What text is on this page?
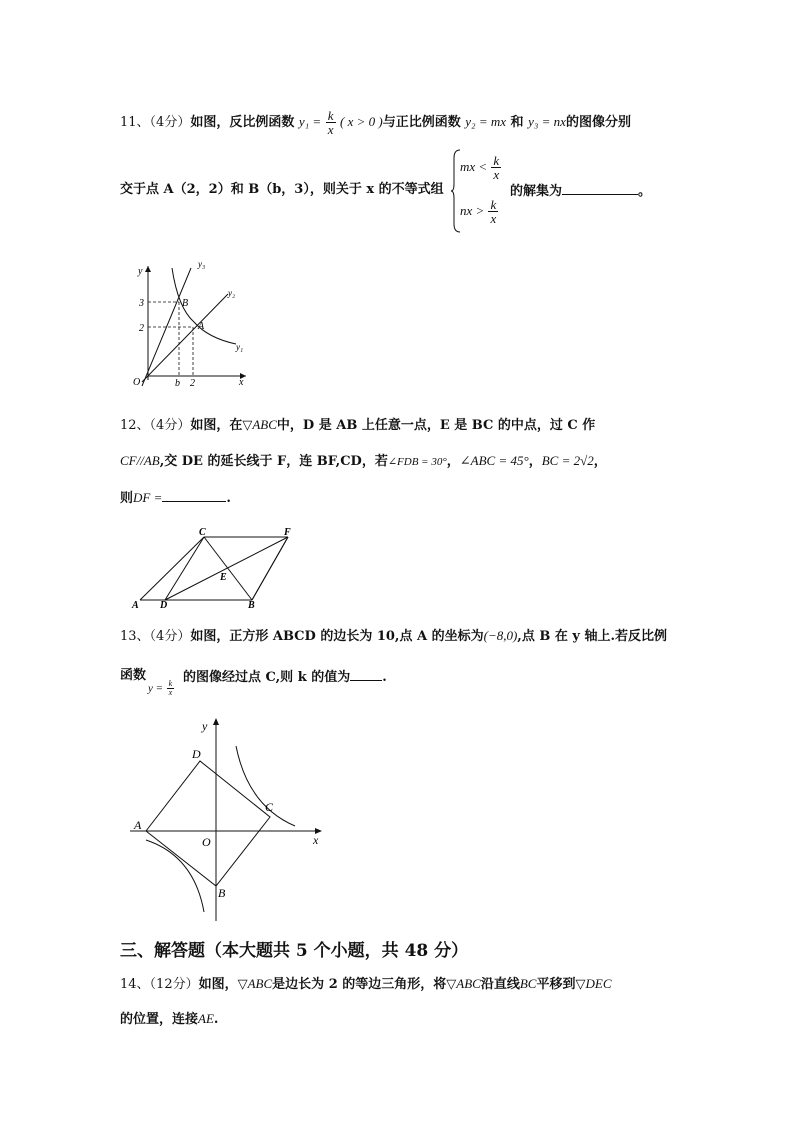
11、（4分）如图，反比例函数 $y_1 = \frac{k}{x}$ ( x > 0 )与正比例函数 y₂ = mx 和 y₃ = nx的图像分别
交于点 A（2，2）和 B（b，3），则关于 x 的不等式组
mx < $\frac{k}{x}$
nx > $\frac{k}{x}$
的解集为	。
y
x
O
3
2
b 2
y₃
y₂
y₁
B
A
12、（4分）如图，在▽ABC中，D 是 AB 上任意一点，E 是 BC 的中点，过 C 作
CF//AB,交 DE 的延长线于 F，连 BF,CD，若∠FDB = 30°，∠ABC = 45°，BC = 2√2，
则DF =	.
C	F
E
A D	B
13、（4分）如图，正方形 ABCD 的边长为 10,点 A 的坐标为(−8,0),点 B 在 y 轴上.若反比例
函数
$y = \frac{k}{x}$
的图像经过点 C,则 k 的值为 .
y
D
C
A
O	x
B
三、解答题（本大题共 5 个小题，共 48 分）
14、（12分）如图，▽ABC是边长为 2 的等边三角形，将▽ABC沿直线BC平移到▽DEC
的位置，连接AE.
